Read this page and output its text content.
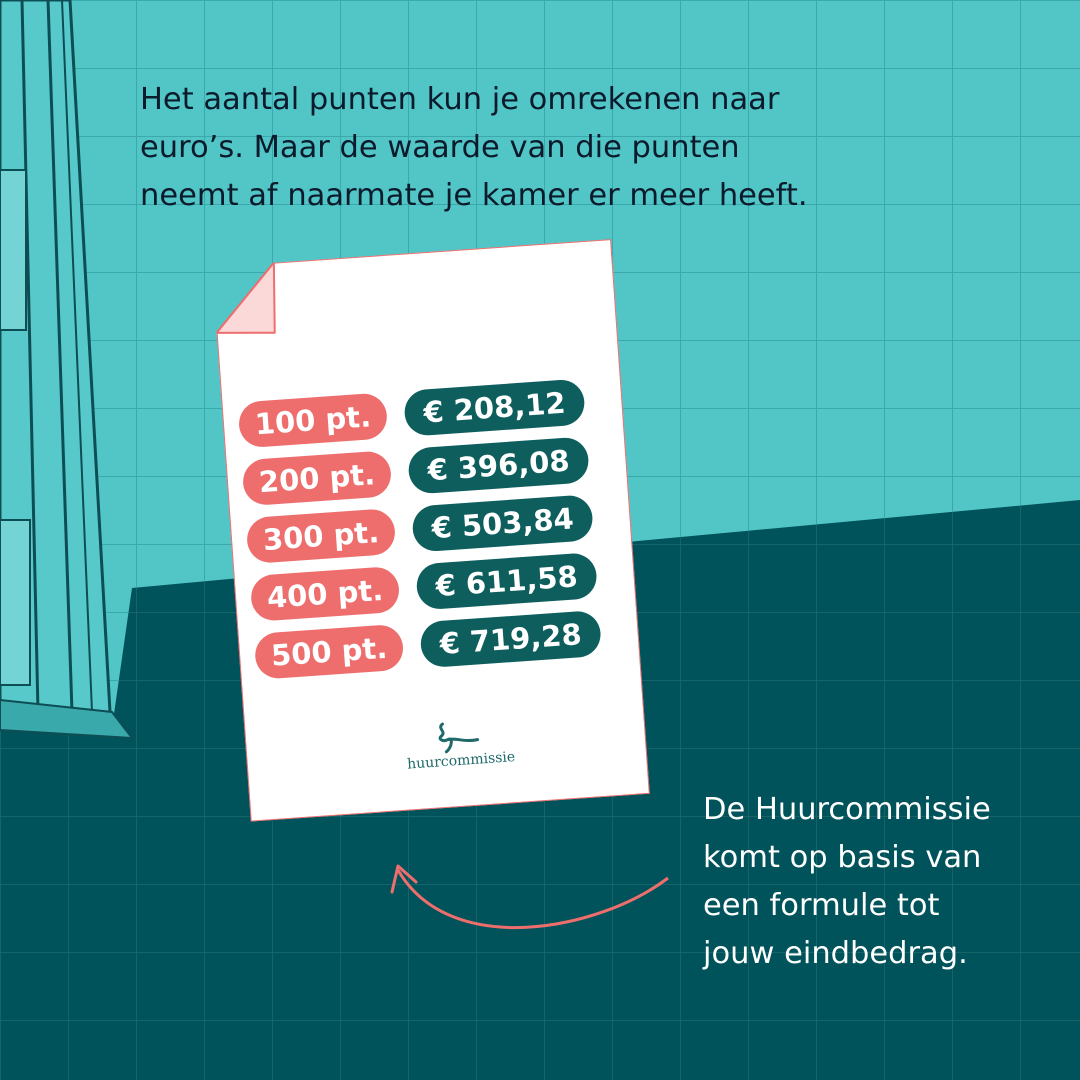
Het aantal punten kun je omrekenen naar
euro’s. Maar de waarde van die punten
neemt af naarmate je kamer er meer heeft.

100 pt.	€ 208,12
200 pt.	€ 396,08
300 pt.	€ 503,84
400 pt.	€ 611,58
500 pt.	€ 719,28
huurcommissie

De Huurcommissie
komt op basis van
een formule tot
jouw eindbedrag.
